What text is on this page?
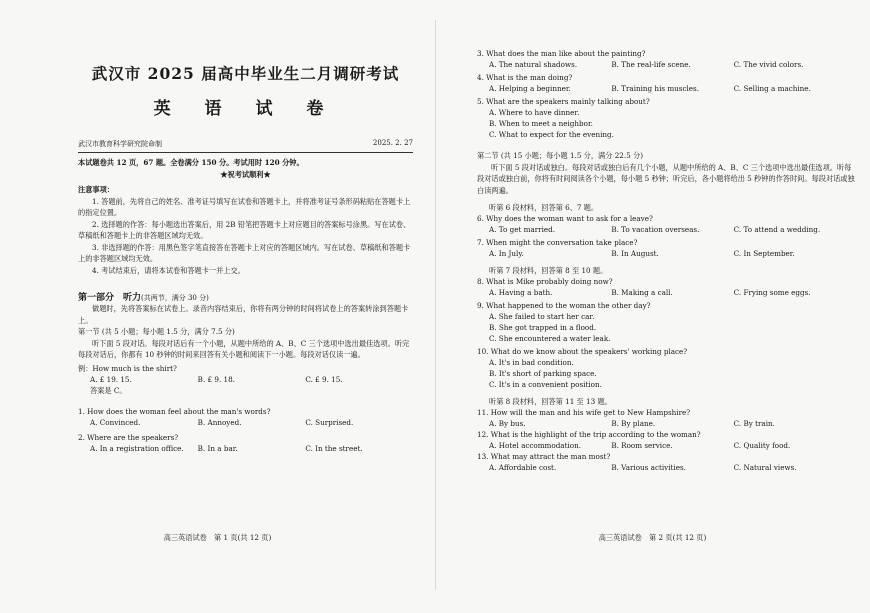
武汉市 2025 届高中毕业生二月调研考试
英 语 试 卷
武汉市教育科学研究院命制	2025. 2. 27
本试题卷共 12 页，67 题。全卷满分 150 分。考试用时 120 分钟。
★祝考试顺利★
注意事项：
1. 答题前，先将自己的姓名、准考证号填写在试卷和答题卡上，并将准考证号条形码粘贴在答题卡上的指定位置。
2. 选择题的作答：每小题选出答案后，用 2B 铅笔把答题卡上对应题目的答案标号涂黑。写在试卷、草稿纸和答题卡上的非答题区域均无效。
3. 非选择题的作答：用黑色签字笔直接答在答题卡上对应的答题区域内。写在试卷、草稿纸和答题卡上的非答题区域均无效。
4. 考试结束后，请将本试卷和答题卡一并上交。
第一部分　听力(共两节，满分 30 分)
做题时，先将答案标在试卷上。录音内容结束后，你将有两分钟的时间将试卷上的答案转涂到答题卡上。
第一节 (共 5 小题；每小题 1.5 分，满分 7.5 分)
听下面 5 段对话。每段对话后有一个小题，从题中所给的 A、B、C 三个选项中选出最佳选项。听完每段对话后，你都有 10 秒钟的时间来回答有关小题和阅读下一小题。每段对话仅读一遍。
例：How much is the shirt?
A. £ 19. 15.	B. £ 9. 18.	C. £ 9. 15.
答案是 C。
1. How does the woman feel about the man's words?
A. Convinced.	B. Annoyed.	C. Surprised.
2. Where are the speakers?
A. In a registration office.	B. In a bar.	C. In the street.
高三英语试卷　第 1 页(共 12 页)
3. What does the man like about the painting?
A. The natural shadows.	B. The real-life scene.	C. The vivid colors.
4. What is the man doing?
A. Helping a beginner.	B. Training his muscles.	C. Selling a machine.
5. What are the speakers mainly talking about?
A. Where to have dinner.
B. When to meet a neighbor.
C. What to expect for the evening.
第二节 (共 15 小题；每小题 1.5 分，满分 22.5 分)
听下面 5 段对话或独白。每段对话或独白后有几个小题，从题中所给的 A、B、C 三个选项中选出最佳选项。听每段对话或独白前，你将有时间阅读各个小题，每小题 5 秒钟；听完后，各小题将给出 5 秒钟的作答时间。每段对话或独白读两遍。
听第 6 段材料，回答第 6、7 题。
6. Why does the woman want to ask for a leave?
A. To get married.	B. To vacation overseas.	C. To attend a wedding.
7. When might the conversation take place?
A. In July.	B. In August.	C. In September.
听第 7 段材料，回答第 8 至 10 题。
8. What is Mike probably doing now?
A. Having a bath.	B. Making a call.	C. Frying some eggs.
9. What happened to the woman the other day?
A. She failed to start her car.
B. She got trapped in a flood.
C. She encountered a water leak.
10. What do we know about the speakers' working place?
A. It's in bad condition.
B. It's short of parking space.
C. It's in a convenient position.
听第 8 段材料，回答第 11 至 13 题。
11. How will the man and his wife get to New Hampshire?
A. By bus.	B. By plane.	C. By train.
12. What is the highlight of the trip according to the woman?
A. Hotel accommodation.	B. Room service.	C. Quality food.
13. What may attract the man most?
A. Affordable cost.	B. Various activities.	C. Natural views.
高三英语试卷　第 2 页(共 12 页)
